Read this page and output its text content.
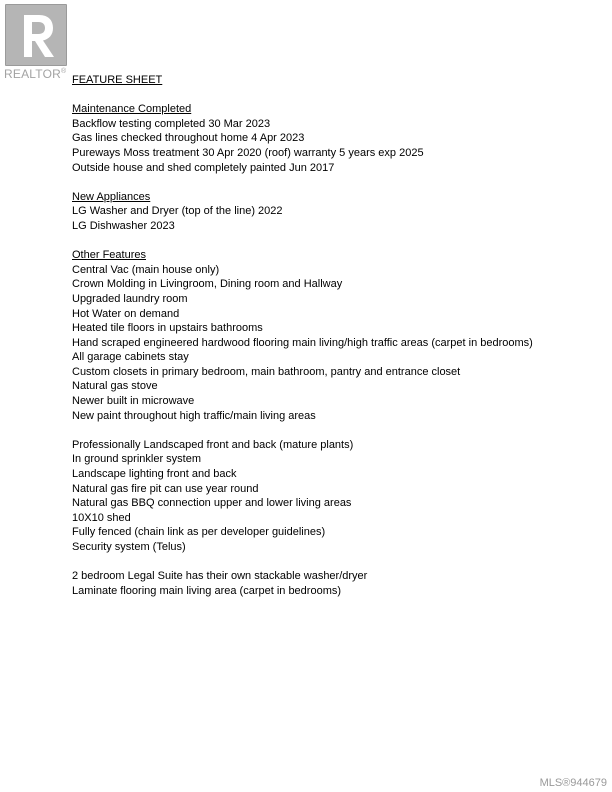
REALTOR®
FEATURE SHEET
Maintenance Completed
Backflow testing completed 30 Mar 2023
Gas lines checked throughout home 4 Apr 2023
Pureways Moss treatment 30 Apr 2020 (roof) warranty 5 years exp 2025
Outside house and shed completely painted Jun 2017
New Appliances
LG Washer and Dryer (top of the line) 2022
LG Dishwasher 2023
Other Features
Central Vac (main house only)
Crown Molding in Livingroom, Dining room and Hallway
Upgraded laundry room
Hot Water on demand
Heated tile floors in upstairs bathrooms
Hand scraped engineered hardwood flooring main living/high traffic areas (carpet in bedrooms)
All garage cabinets stay
Custom closets in primary bedroom, main bathroom, pantry and entrance closet
Natural gas stove
Newer built in microwave
New paint throughout high traffic/main living areas
Professionally Landscaped front and back (mature plants)
In ground sprinkler system
Landscape lighting front and back
Natural gas fire pit can use year round
Natural gas BBQ connection upper and lower living areas
10X10 shed
Fully fenced (chain link as per developer guidelines)
Security system (Telus)
2 bedroom Legal Suite has their own stackable washer/dryer
Laminate flooring main living area (carpet in bedrooms)
MLS®944679
